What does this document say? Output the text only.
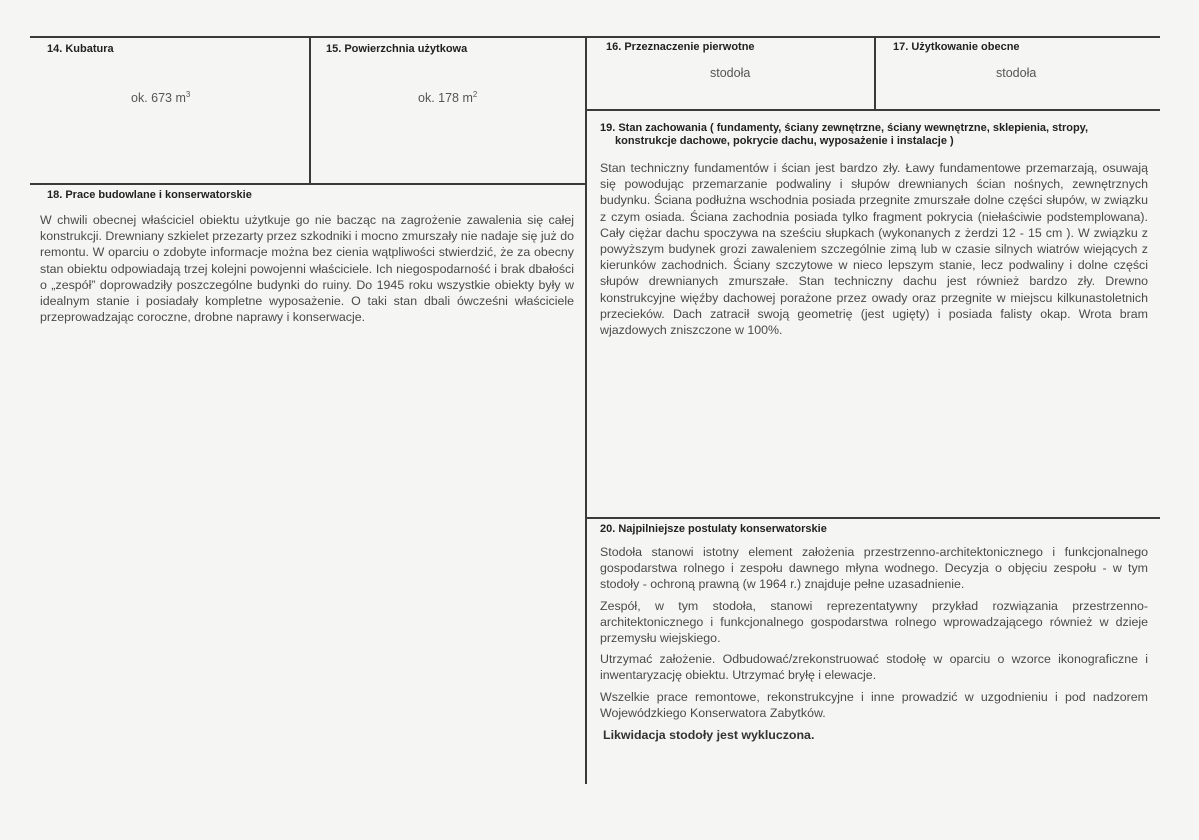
14. Kubatura
ok. 673 $m^3$
15. Powierzchnia użytkowa
ok. 178 $m^2$
16. Przeznaczenie pierwotne
stodoła
17. Użytkowanie obecne
stodoła
18. Prace budowlane i konserwatorskie
W chwili obecnej właściciel obiektu użytkuje go nie bacząc na zagrożenie zawalenia się całej konstrukcji. Drewniany szkielet przezarty przez szkodniki i mocno zmurszały nie nadaje się już do remontu. W oparciu o zdobyte informacje można bez cienia wątpliwości stwierdzić, że za obecny stan obiektu odpowiadają trzej kolejni powojenni właściciele. Ich niegospodarność i brak dbałości o „zespół” doprowadziły poszczególne budynki do ruiny. Do 1945 roku wszystkie obiekty były w idealnym stanie i posiadały kompletne wyposażenie. O taki stan dbali ówcześni właściciele przeprowadzając coroczne, drobne naprawy i konserwacje.
19. Stan zachowania ( fundamenty, ściany zewnętrzne, ściany wewnętrzne, sklepienia, stropy,
konstrukcje dachowe, pokrycie dachu, wyposażenie i instalacje )
Stan techniczny fundamentów i ścian jest bardzo zły. Ławy fundamentowe przemarzają, osuwają się powodując przemarzanie podwaliny i słupów drewnianych ścian nośnych, zewnętrznych budynku. Ściana podłużna wschodnia posiada przegnite zmurszałe dolne części słupów, w związku z czym osiada. Ściana zachodnia posiada tylko fragment pokrycia (niełaściwie podstemplowana). Cały ciężar dachu spoczywa na sześciu słupkach (wykonanych z żerdzi 12 - 15 cm ). W związku z powyższym budynek grozi zawaleniem szczególnie zimą lub w czasie silnych wiatrów wiejących z kierunków zachodnich. Ściany szczytowe w nieco lepszym stanie, lecz podwaliny i dolne części słupów drewnianych zmurszałe. Stan techniczny dachu jest również bardzo zły. Drewno konstrukcyjne więźby dachowej porażone przez owady oraz przegnite w miejscu kilkunastoletnich przecieków. Dach zatracił swoją geometrię (jest ugięty) i posiada falisty okap. Wrota bram wjazdowych zniszczone w 100%.
20. Najpilniejsze postulaty konserwatorskie

Stodoła stanowi istotny element założenia przestrzenno-architektonicznego i funkcjonalnego gospodarstwa rolnego i zespołu dawnego młyna wodnego. Decyzja o objęciu zespołu - w tym stodoły - ochroną prawną (w 1964 r.) znajduje pełne uzasadnienie.

Zespół, w tym stodoła, stanowi reprezentatywny przykład rozwiązania przestrzenno-architektonicznego i funkcjonalnego gospodarstwa rolnego wprowadzającego również w dzieje przemysłu wiejskiego.

Utrzymać założenie. Odbudować/zrekonstruować stodołę w oparciu o wzorce ikonograficzne i inwentaryzację obiektu. Utrzymać bryłę i elewacje.

Wszelkie prace remontowe, rekonstrukcyjne i inne prowadzić w uzgodnieniu i pod nadzorem Wojewódzkiego Konserwatora Zabytków.

Likwidacja stodoły jest wykluczona.
